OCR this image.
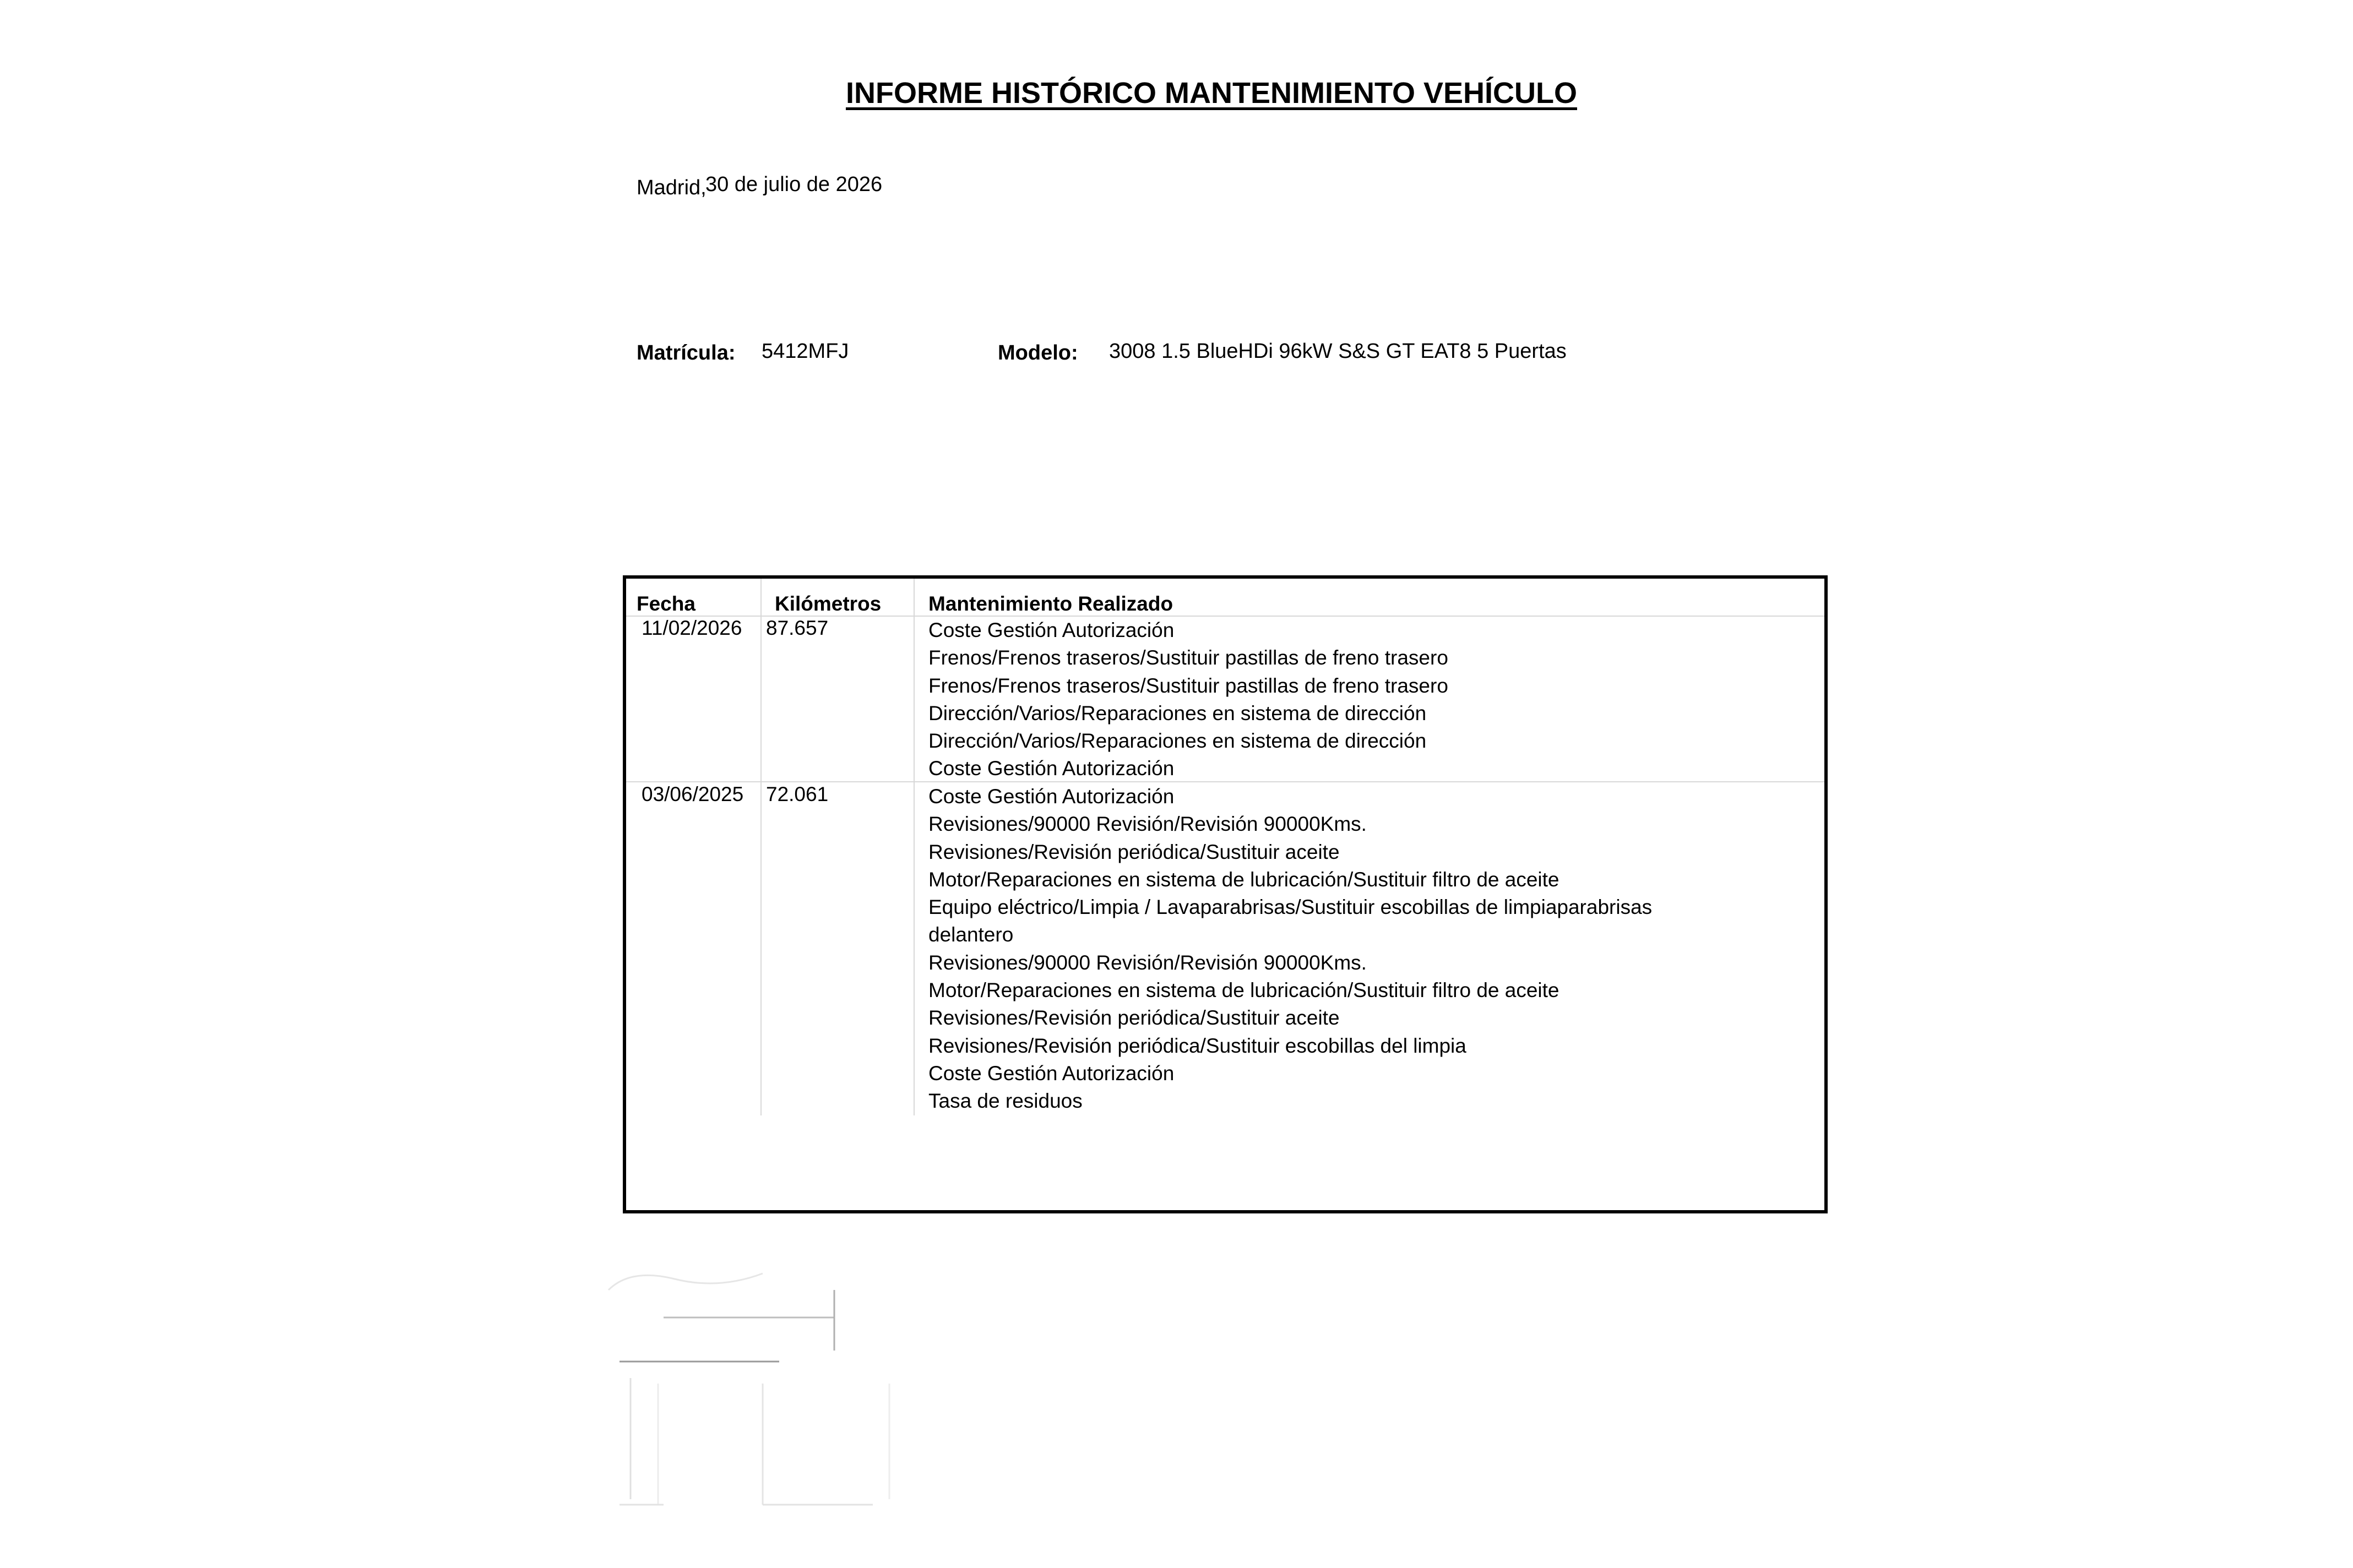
INFORME HISTÓRICO MANTENIMIENTO VEHÍCULO
Madrid,
30 de julio de 2026
Matrícula: 5412MFJ	Modelo: 3008 1.5 BlueHDi 96kW S&S GT EAT8 5 Puertas
Fecha	Kilómetros Mantenimiento Realizado
11/02/2026 87.657	Coste Gestión Autorización
Frenos/Frenos traseros/Sustituir pastillas de freno trasero
Frenos/Frenos traseros/Sustituir pastillas de freno trasero
Dirección/Varios/Reparaciones en sistema de dirección
Dirección/Varios/Reparaciones en sistema de dirección
Coste Gestión Autorización
03/06/2025 72.061	Coste Gestión Autorización
Revisiones/90000 Revisión/Revisión 90000Kms.
Revisiones/Revisión periódica/Sustituir aceite
Motor/Reparaciones en sistema de lubricación/Sustituir filtro de aceite
Equipo eléctrico/Limpia / Lavaparabrisas/Sustituir escobillas de limpiaparabrisas
delantero
Revisiones/90000 Revisión/Revisión 90000Kms.
Motor/Reparaciones en sistema de lubricación/Sustituir filtro de aceite
Revisiones/Revisión periódica/Sustituir aceite
Revisiones/Revisión periódica/Sustituir escobillas del limpia
Coste Gestión Autorización
Tasa de residuos
